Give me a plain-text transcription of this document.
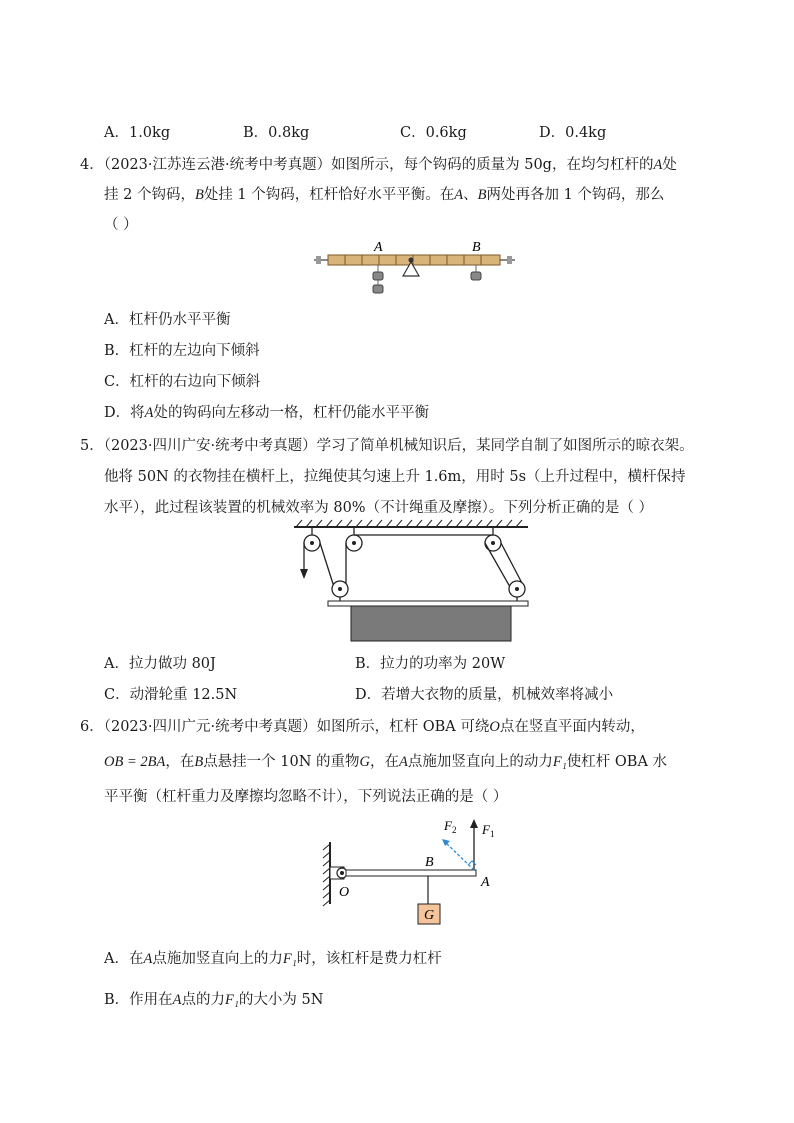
A．1.0kg	B．0.8kg	C．0.6kg	D．0.4kg
4．（2023·江苏连云港·统考中考真题）如图所示，每个钩码的质量为 50g，在均匀杠杆的A处
挂 2 个钩码，B处挂 1 个钩码，杠杆恰好水平平衡。在A、B两处再各加 1 个钩码，那么
（ ）
A	B
A．杠杆仍水平平衡
B．杠杆的左边向下倾斜
C．杠杆的右边向下倾斜
D．将A处的钩码向左移动一格，杠杆仍能水平平衡
5．（2023·四川广安·统考中考真题）学习了简单机械知识后，某同学自制了如图所示的晾衣架。
他将 50N 的衣物挂在横杆上，拉绳使其匀速上升 1.6m，用时 5s（上升过程中，横杆保持
水平），此过程该装置的机械效率为 80%（不计绳重及摩擦）。下列分析正确的是（ ）
A．拉力做功 80J	B．拉力的功率为 20W
C．动滑轮重 12.5N	D．若增大衣物的质量，机械效率将减小
6．（2023·四川广元·统考中考真题）如图所示，杠杆 OBA 可绕O点在竖直平面内转动，
OB = 2BA，在B点悬挂一个 10N 的重物G，在A点施加竖直向上的动力F₁使杠杆 OBA 水
平平衡（杠杆重力及摩擦均忽略不计），下列说法正确的是（ ）
G
O
B
A
F 1
F 2
A．在A点施加竖直向上的力F₁时，该杠杆是费力杠杆
B．作用在A点的力F₁的大小为 5N
